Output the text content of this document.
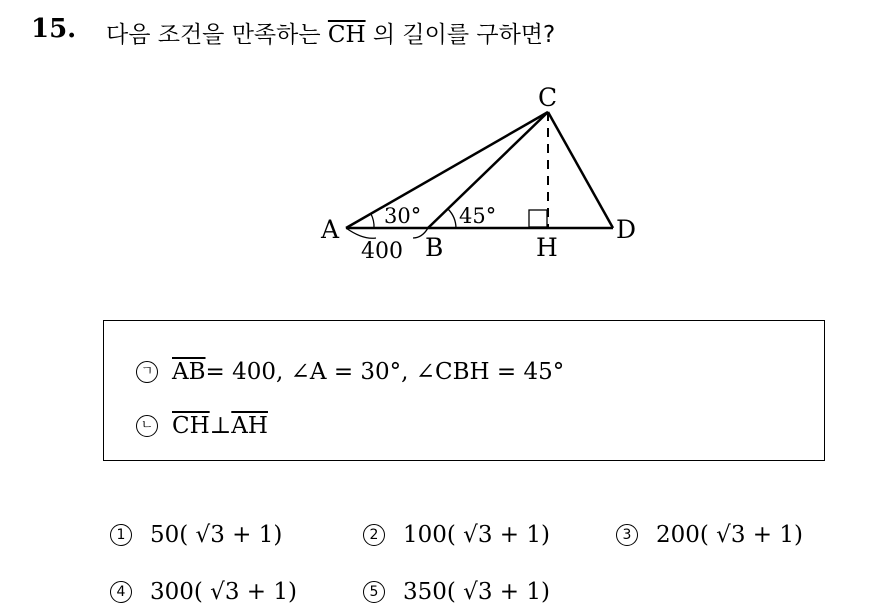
15. 다음 조건을 만족하는 $\overline{CH}$ 의 길이를 구하면?
C
A
B
D
H
30° 45°
400
ㄱ $\overline{AB} = 400$, ∠A = 30°, ∠CBH = 45°
ㄴ $\overline{CH}$ ⊥ $\overline{AH}$
1 50( √3 + 1)	2 100( √3 + 1)	3 200( √3 + 1)
4 300( √3 + 1)	5 350( √3 + 1)
